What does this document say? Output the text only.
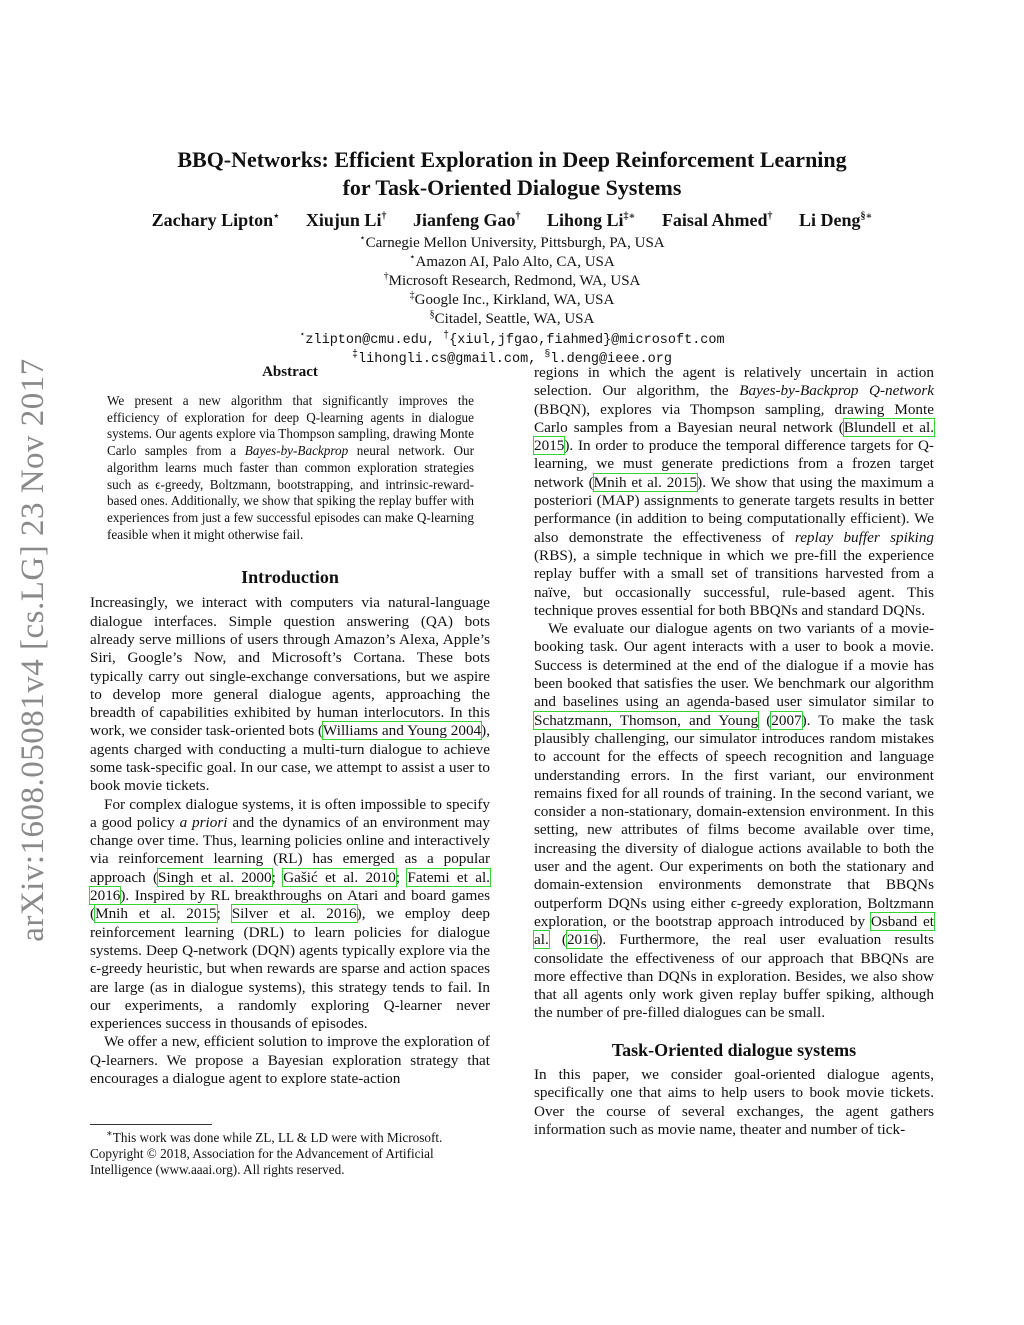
arXiv:1608.05081v4 [cs.LG] 23 Nov 2017
BBQ-Networks: Efficient Exploration in Deep Reinforcement Learning
for Task-Oriented Dialogue Systems
Zachary Lipton⋆ Xiujun Li† Jianfeng Gao† Lihong Li‡∗ Faisal Ahmed† Li Deng§∗
⋆Carnegie Mellon University, Pittsburgh, PA, USA
⋆Amazon AI, Palo Alto, CA, USA
†Microsoft Research, Redmond, WA, USA
‡Google Inc., Kirkland, WA, USA
§Citadel, Seattle, WA, USA
⋆zlipton@cmu.edu, †{xiul,jfgao,fiahmed}@microsoft.com
‡lihongli.cs@gmail.com, §l.deng@ieee.org
Abstract
We present a new algorithm that significantly improves the efficiency of exploration for deep Q-learning agents in dialogue systems. Our agents explore via Thompson sampling, drawing Monte Carlo samples from a Bayes-by-Backprop neural network. Our algorithm learns much faster than common exploration strategies such as ϵ-greedy, Boltzmann, bootstrapping, and intrinsic-reward-based ones. Additionally, we show that spiking the replay buffer with experiences from just a few successful episodes can make Q-learning feasible when it might otherwise fail.
Introduction

Increasingly, we interact with computers via natural-language dialogue interfaces. Simple question answering (QA) bots already serve millions of users through Amazon’s Alexa, Apple’s Siri, Google’s Now, and Microsoft’s Cortana. These bots typically carry out single-exchange conversations, but we aspire to develop more general dialogue agents, approaching the breadth of capabilities exhibited by human interlocutors. In this work, we consider task-oriented bots (Williams and Young 2004), agents charged with conducting a multi-turn dialogue to achieve some task-specific goal. In our case, we attempt to assist a user to book movie tickets.

For complex dialogue systems, it is often impossible to specify a good policy a priori and the dynamics of an environment may change over time. Thus, learning policies online and interactively via reinforcement learning (RL) has emerged as a popular approach (Singh et al. 2000; Gašić et al. 2010; Fatemi et al. 2016). Inspired by RL breakthroughs on Atari and board games (Mnih et al. 2015; Silver et al. 2016), we employ deep reinforcement learning (DRL) to learn policies for dialogue systems. Deep Q-network (DQN) agents typically explore via the ϵ-greedy heuristic, but when rewards are sparse and action spaces are large (as in dialogue systems), this strategy tends to fail. In our experiments, a randomly exploring Q-learner never experiences success in thousands of episodes.

We offer a new, efficient solution to improve the exploration of Q-learners. We propose a Bayesian exploration strategy that encourages a dialogue agent to explore state-action

∗This work was done while ZL, LL & LD were with Microsoft.
Copyright © 2018, Association for the Advancement of Artificial Intelligence (www.aaai.org). All rights reserved.

regions in which the agent is relatively uncertain in action selection. Our algorithm, the Bayes-by-Backprop Q-network (BBQN), explores via Thompson sampling, drawing Monte Carlo samples from a Bayesian neural network (Blundell et al. 2015). In order to produce the temporal difference targets for Q-learning, we must generate predictions from a frozen target network (Mnih et al. 2015). We show that using the maximum a posteriori (MAP) assignments to generate targets results in better performance (in addition to being computationally efficient). We also demonstrate the effectiveness of replay buffer spiking (RBS), a simple technique in which we pre-fill the experience replay buffer with a small set of transitions harvested from a naïve, but occasionally successful, rule-based agent. This technique proves essential for both BBQNs and standard DQNs.

We evaluate our dialogue agents on two variants of a movie-booking task. Our agent interacts with a user to book a movie. Success is determined at the end of the dialogue if a movie has been booked that satisfies the user. We benchmark our algorithm and baselines using an agenda-based user simulator similar to Schatzmann, Thomson, and Young (2007). To make the task plausibly challenging, our simulator introduces random mistakes to account for the effects of speech recognition and language understanding errors. In the first variant, our environment remains fixed for all rounds of training. In the second variant, we consider a non-stationary, domain-extension environment. In this setting, new attributes of films become available over time, increasing the diversity of dialogue actions available to both the user and the agent. Our experiments on both the stationary and domain-extension environments demonstrate that BBQNs outperform DQNs using either ϵ-greedy exploration, Boltzmann exploration, or the bootstrap approach introduced by Osband et al. (2016). Furthermore, the real user evaluation results consolidate the effectiveness of our approach that BBQNs are more effective than DQNs in exploration. Besides, we also show that all agents only work given replay buffer spiking, although the number of pre-filled dialogues can be small.

Task-Oriented dialogue systems

In this paper, we consider goal-oriented dialogue agents, specifically one that aims to help users to book movie tickets. Over the course of several exchanges, the agent gathers information such as movie name, theater and number of tick-
